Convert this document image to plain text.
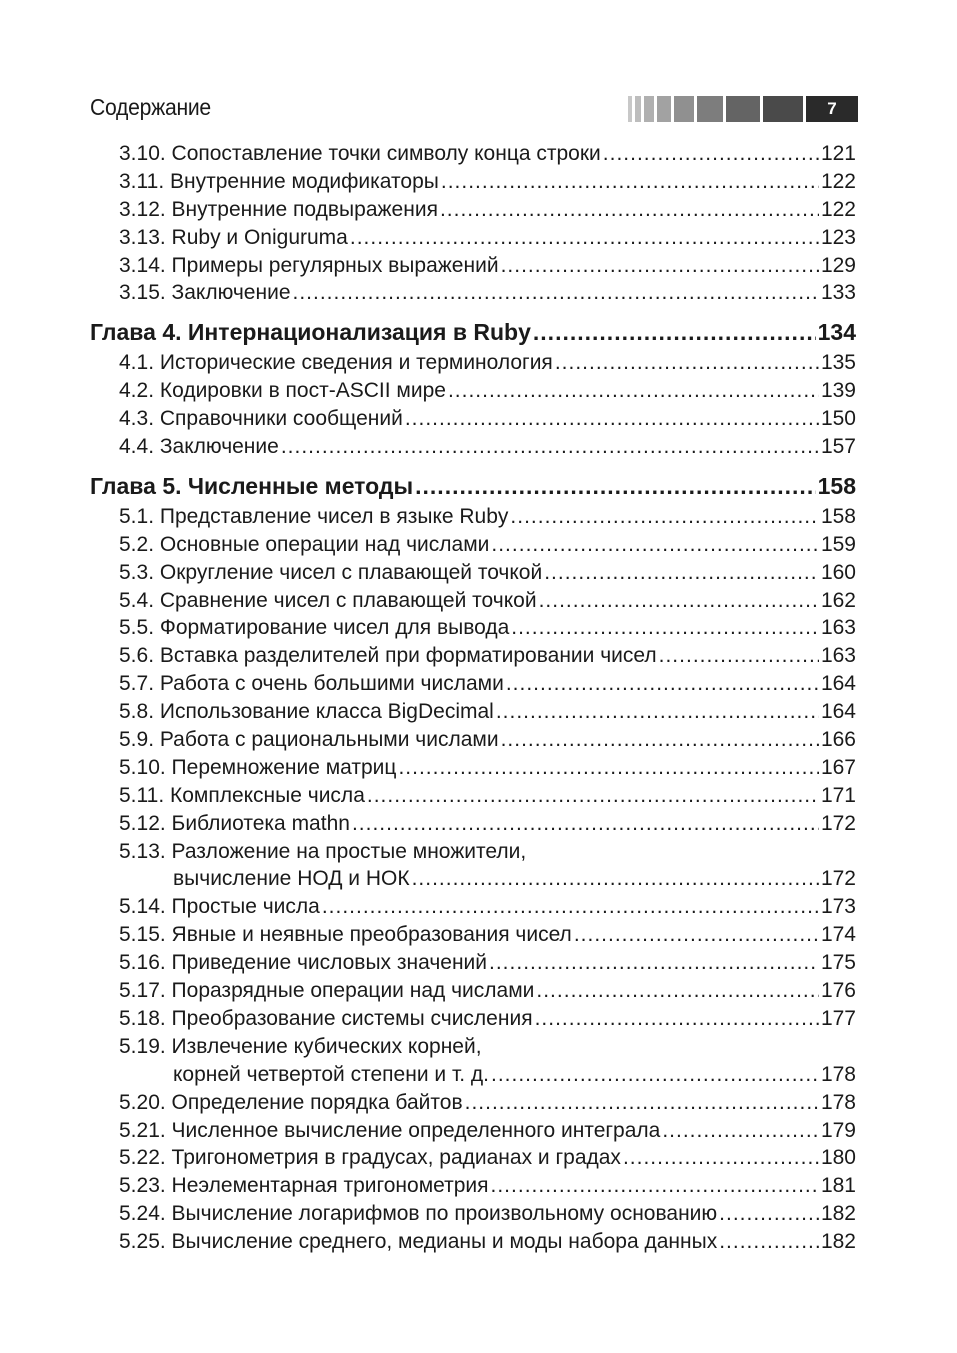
Содержание	7
3.10. Сопоставление точки символу конца строки .....	121
3.11. Внутренние модификаторы .....	122
3.12. Внутренние подвыражения .....	122
3.13. Ruby и Oniguruma .....	123
3.14. Примеры регулярных выражений .....	129
3.15. Заключение .....	133
Глава 4. Интернационализация в Ruby .....	134
4.1. Исторические сведения и терминология .....	135
4.2. Кодировки в пост-ASCII мире .....	139
4.3. Справочники сообщений .....	150
4.4. Заключение .....	157
Глава 5. Численные методы .....	158
5.1. Представление чисел в языке Ruby .....	158
5.2. Основные операции над числами .....	159
5.3. Округление чисел с плавающей точкой .....	160
5.4. Сравнение чисел с плавающей точкой .....	162
5.5. Форматирование чисел для вывода .....	163
5.6. Вставка разделителей при форматировании чисел .....	163
5.7. Работа с очень большими числами .....	164
5.8. Использование класса BigDecimal .....	164
5.9. Работа с рациональными числами .....	166
5.10. Перемножение матриц .....	167
5.11. Комплексные числа .....	171
5.12. Библиотека mathn .....	172
5.13. Разложение на простые множители,
вычисление НОД и НОК .....	172
5.14. Простые числа .....	173
5.15. Явные и неявные преобразования чисел .....	174
5.16. Приведение числовых значений .....	175
5.17. Поразрядные операции над числами .....	176
5.18. Преобразование системы счисления .....	177
5.19. Извлечение кубических корней,
корней четвертой степени и т. д. .....	178
5.20. Определение порядка байтов .....	178
5.21. Численное вычисление определенного интеграла .....	179
5.22. Тригонометрия в градусах, радианах и градах .....	180
5.23. Неэлементарная тригонометрия .....	181
5.24. Вычисление логарифмов по произвольному основанию .....	182
5.25. Вычисление среднего, медианы и моды набора данных .....	182
